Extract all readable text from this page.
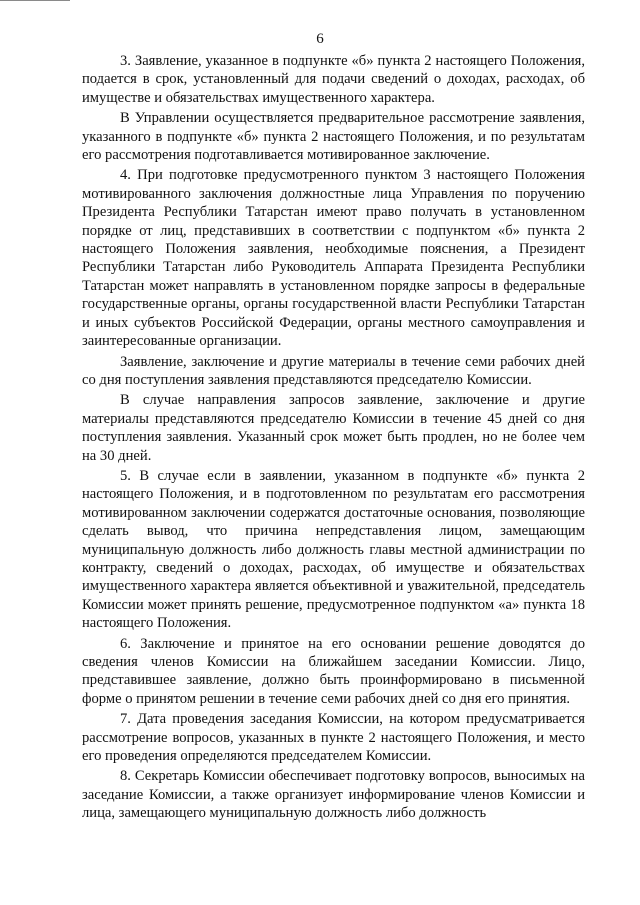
6

3. Заявление, указанное в подпункте «б» пункта 2 настоящего Положения, подается в срок, установленный для подачи сведений о доходах, расходах, об имуществе и обязательствах имущественного характера.

В Управлении осуществляется предварительное рассмотрение заявления, указанного в подпункте «б» пункта 2 настоящего Положения, и по результатам его рассмотрения подготавливается мотивированное заключение.

4. При подготовке предусмотренного пунктом 3 настоящего Положения мотивированного заключения должностные лица Управления по поручению Президента Республики Татарстан имеют право получать в установленном порядке от лиц, представивших в соответствии с подпунктом «б» пункта 2 настоящего Положения заявления, необходимые пояснения, а Президент Республики Татарстан либо Руководитель Аппарата Президента Республики Татарстан может направлять в установленном порядке запросы в федеральные государственные органы, органы государственной власти Республики Татарстан и иных субъектов Российской Федерации, органы местного самоуправления и заинтересованные организации.

Заявление, заключение и другие материалы в течение семи рабочих дней со дня поступления заявления представляются председателю Комиссии.

В случае направления запросов заявление, заключение и другие материалы представляются председателю Комиссии в течение 45 дней со дня поступления заявления. Указанный срок может быть продлен, но не более чем на 30 дней.

5. В случае если в заявлении, указанном в подпункте «б» пункта 2 настоящего Положения, и в подготовленном по результатам его рассмотрения мотивированном заключении содержатся достаточные основания, позволяющие сделать вывод, что причина непредставления лицом, замещающим муниципальную должность либо должность главы местной администрации по контракту, сведений о доходах, расходах, об имуществе и обязательствах имущественного характера является объективной и уважительной, председатель Комиссии может принять решение, предусмотренное подпунктом «а» пункта 18 настоящего Положения.

6. Заключение и принятое на его основании решение доводятся до сведения членов Комиссии на ближайшем заседании Комиссии. Лицо, представившее заявление, должно быть проинформировано в письменной форме о принятом решении в течение семи рабочих дней со дня его принятия.

7. Дата проведения заседания Комиссии, на котором предусматривается рассмотрение вопросов, указанных в пункте 2 настоящего Положения, и место его проведения определяются председателем Комиссии.

8. Секретарь Комиссии обеспечивает подготовку вопросов, выносимых на заседание Комиссии, а также организует информирование членов Комиссии и лица, замещающего муниципальную должность либо должность
